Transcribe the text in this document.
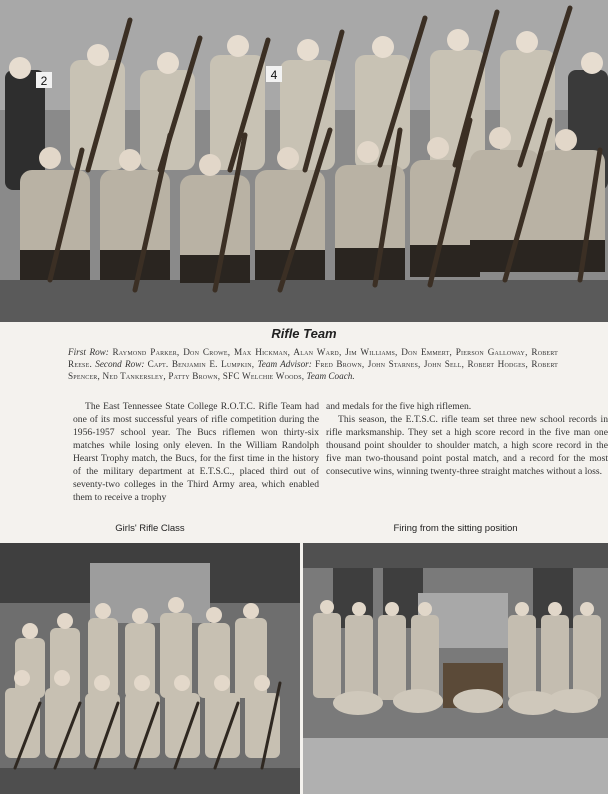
2	4
Rifle Team
First Row: Raymond Parker, Don Crowe, Max Hickman, Alan Ward, Jim Williams, Don Emmert, Pierson Galloway, Robert Reese. Second Row: Capt. Benjamin E. Lumpkin, Team Advisor: Fred Brown, John Starnes, John Sell, Robert Hodges, Robert Spencer, Ned Tankersley, Patty Brown, SFC Welchie Woods, Team Coach.
The East Tennessee State College R.O.T.C. Rifle Team had one of its most successful years of rifle competition during the 1956-1957 school year. The Bucs riflemen won thirty-six matches while losing only eleven. In the William Randolph Hearst Trophy match, the Bucs, for the first time in the history of the military department at E.T.S.C., placed third out of seventy-two colleges in the Third Army area, which enabled them to receive a trophy

and medals for the five high riflemen.

This season, the E.T.S.C. rifle team set three new school records in rifle marksmanship. They set a high score record in the five man one thousand point shoulder to shoulder match, a high score record in the five man two-thousand point postal match, and a record for the most consecutive wins, winning twenty-three straight matches without a loss.

Girls' Rifle Class	Firing from the sitting position
